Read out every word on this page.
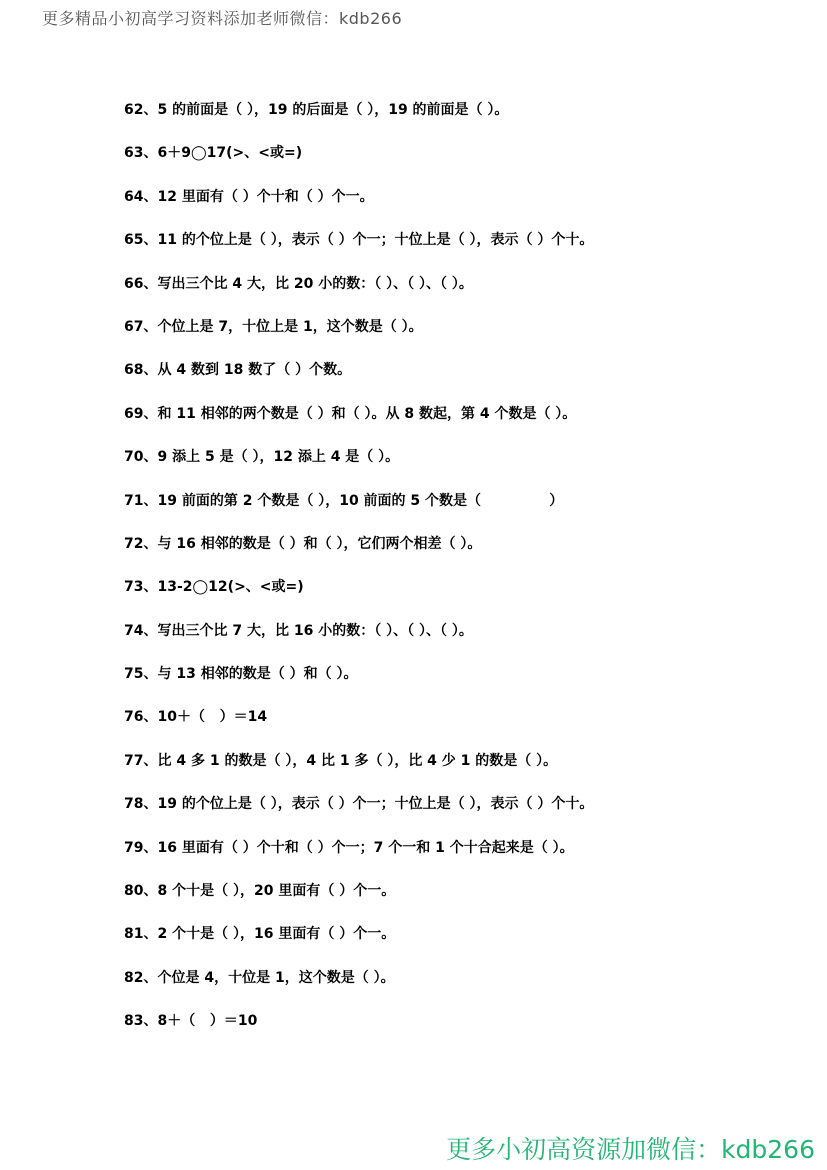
更多精品小初高学习资料添加老师微信：kdb266
62、5 的前面是（ ），19 的后面是（ ），19 的前面是（ ）。
63、6＋9◯17(>、<或=)
64、12 里面有（ ）个十和（ ）个一。
65、11 的个位上是（ ），表示（ ）个一；十位上是（ ），表示（ ）个十。
66、写出三个比 4 大，比 20 小的数：（ ）、（ ）、（ ）。
67、个位上是 7，十位上是 1，这个数是（ ）。
68、从 4 数到 18 数了（ ）个数。
69、和 11 相邻的两个数是（ ）和（ ）。从 8 数起，第 4 个数是（ ）。
70、9 添上 5 是（ ），12 添上 4 是（ ）。
71、19 前面的第 2 个数是（ ），10 前面的 5 个数是（              ）
72、与 16 相邻的数是（ ）和（ ），它们两个相差（ ）。
73、13-2◯12(>、<或=)
74、写出三个比 7 大，比 16 小的数：（ ）、（ ）、（ ）。
75、与 13 相邻的数是（ ）和（ ）。
76、10＋（   ）＝14
77、比 4 多 1 的数是（ ），4 比 1 多（ ），比 4 少 1 的数是（ ）。
78、19 的个位上是（ ），表示（ ）个一；十位上是（ ），表示（ ）个十。
79、16 里面有（ ）个十和（ ）个一；7 个一和 1 个十合起来是（ ）。
80、8 个十是（ ），20 里面有（ ）个一。
81、2 个十是（ ），16 里面有（ ）个一。
82、个位是 4，十位是 1，这个数是（ ）。
83、8＋（   ）＝10
更多小初高资源加微信：kdb266
